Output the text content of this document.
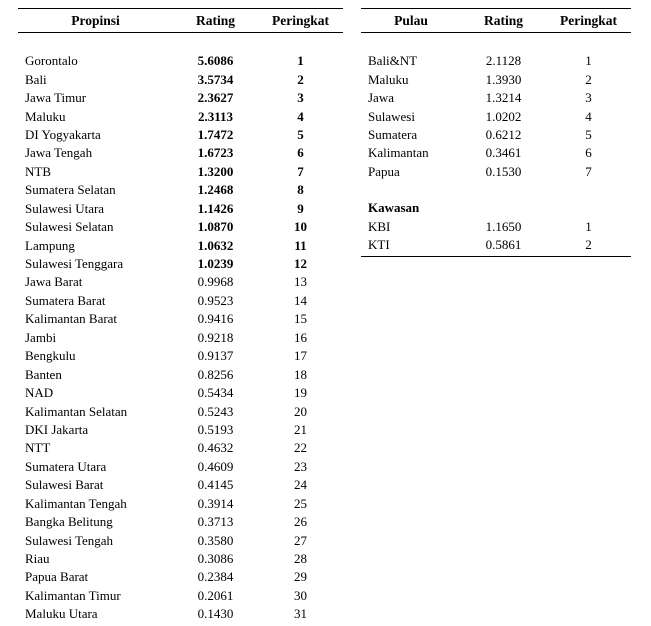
Propinsi	Rating	Peringkat
Gorontalo	5.6086	1
Bali	3.5734	2
Jawa Timur	2.3627	3
Maluku	2.3113	4
DI Yogyakarta	1.7472	5
Jawa Tengah	1.6723	6
NTB	1.3200	7
Sumatera Selatan	1.2468	8
Sulawesi Utara	1.1426	9
Sulawesi Selatan	1.0870	10
Lampung	1.0632	11
Sulawesi Tenggara	1.0239	12
Jawa Barat	0.9968	13
Sumatera Barat	0.9523	14
Kalimantan Barat	0.9416	15
Jambi	0.9218	16
Bengkulu	0.9137	17
Banten	0.8256	18
NAD	0.5434	19
Kalimantan Selatan	0.5243	20
DKI Jakarta	0.5193	21
NTT	0.4632	22
Sumatera Utara	0.4609	23
Sulawesi Barat	0.4145	24
Kalimantan Tengah	0.3914	25
Bangka Belitung	0.3713	26
Sulawesi Tengah	0.3580	27
Riau	0.3086	28
Papua Barat	0.2384	29
Kalimantan Timur	0.2061	30
Maluku Utara	0.1430	31
Pulau	Rating	Peringkat
Bali&NT	2.1128	1
Maluku	1.3930	2
Jawa	1.3214	3
Sulawesi	1.0202	4
Sumatera	0.6212	5
Kalimantan	0.3461	6
Papua	0.1530	7
Kawasan
KBI	1.1650	1
KTI	0.5861	2
